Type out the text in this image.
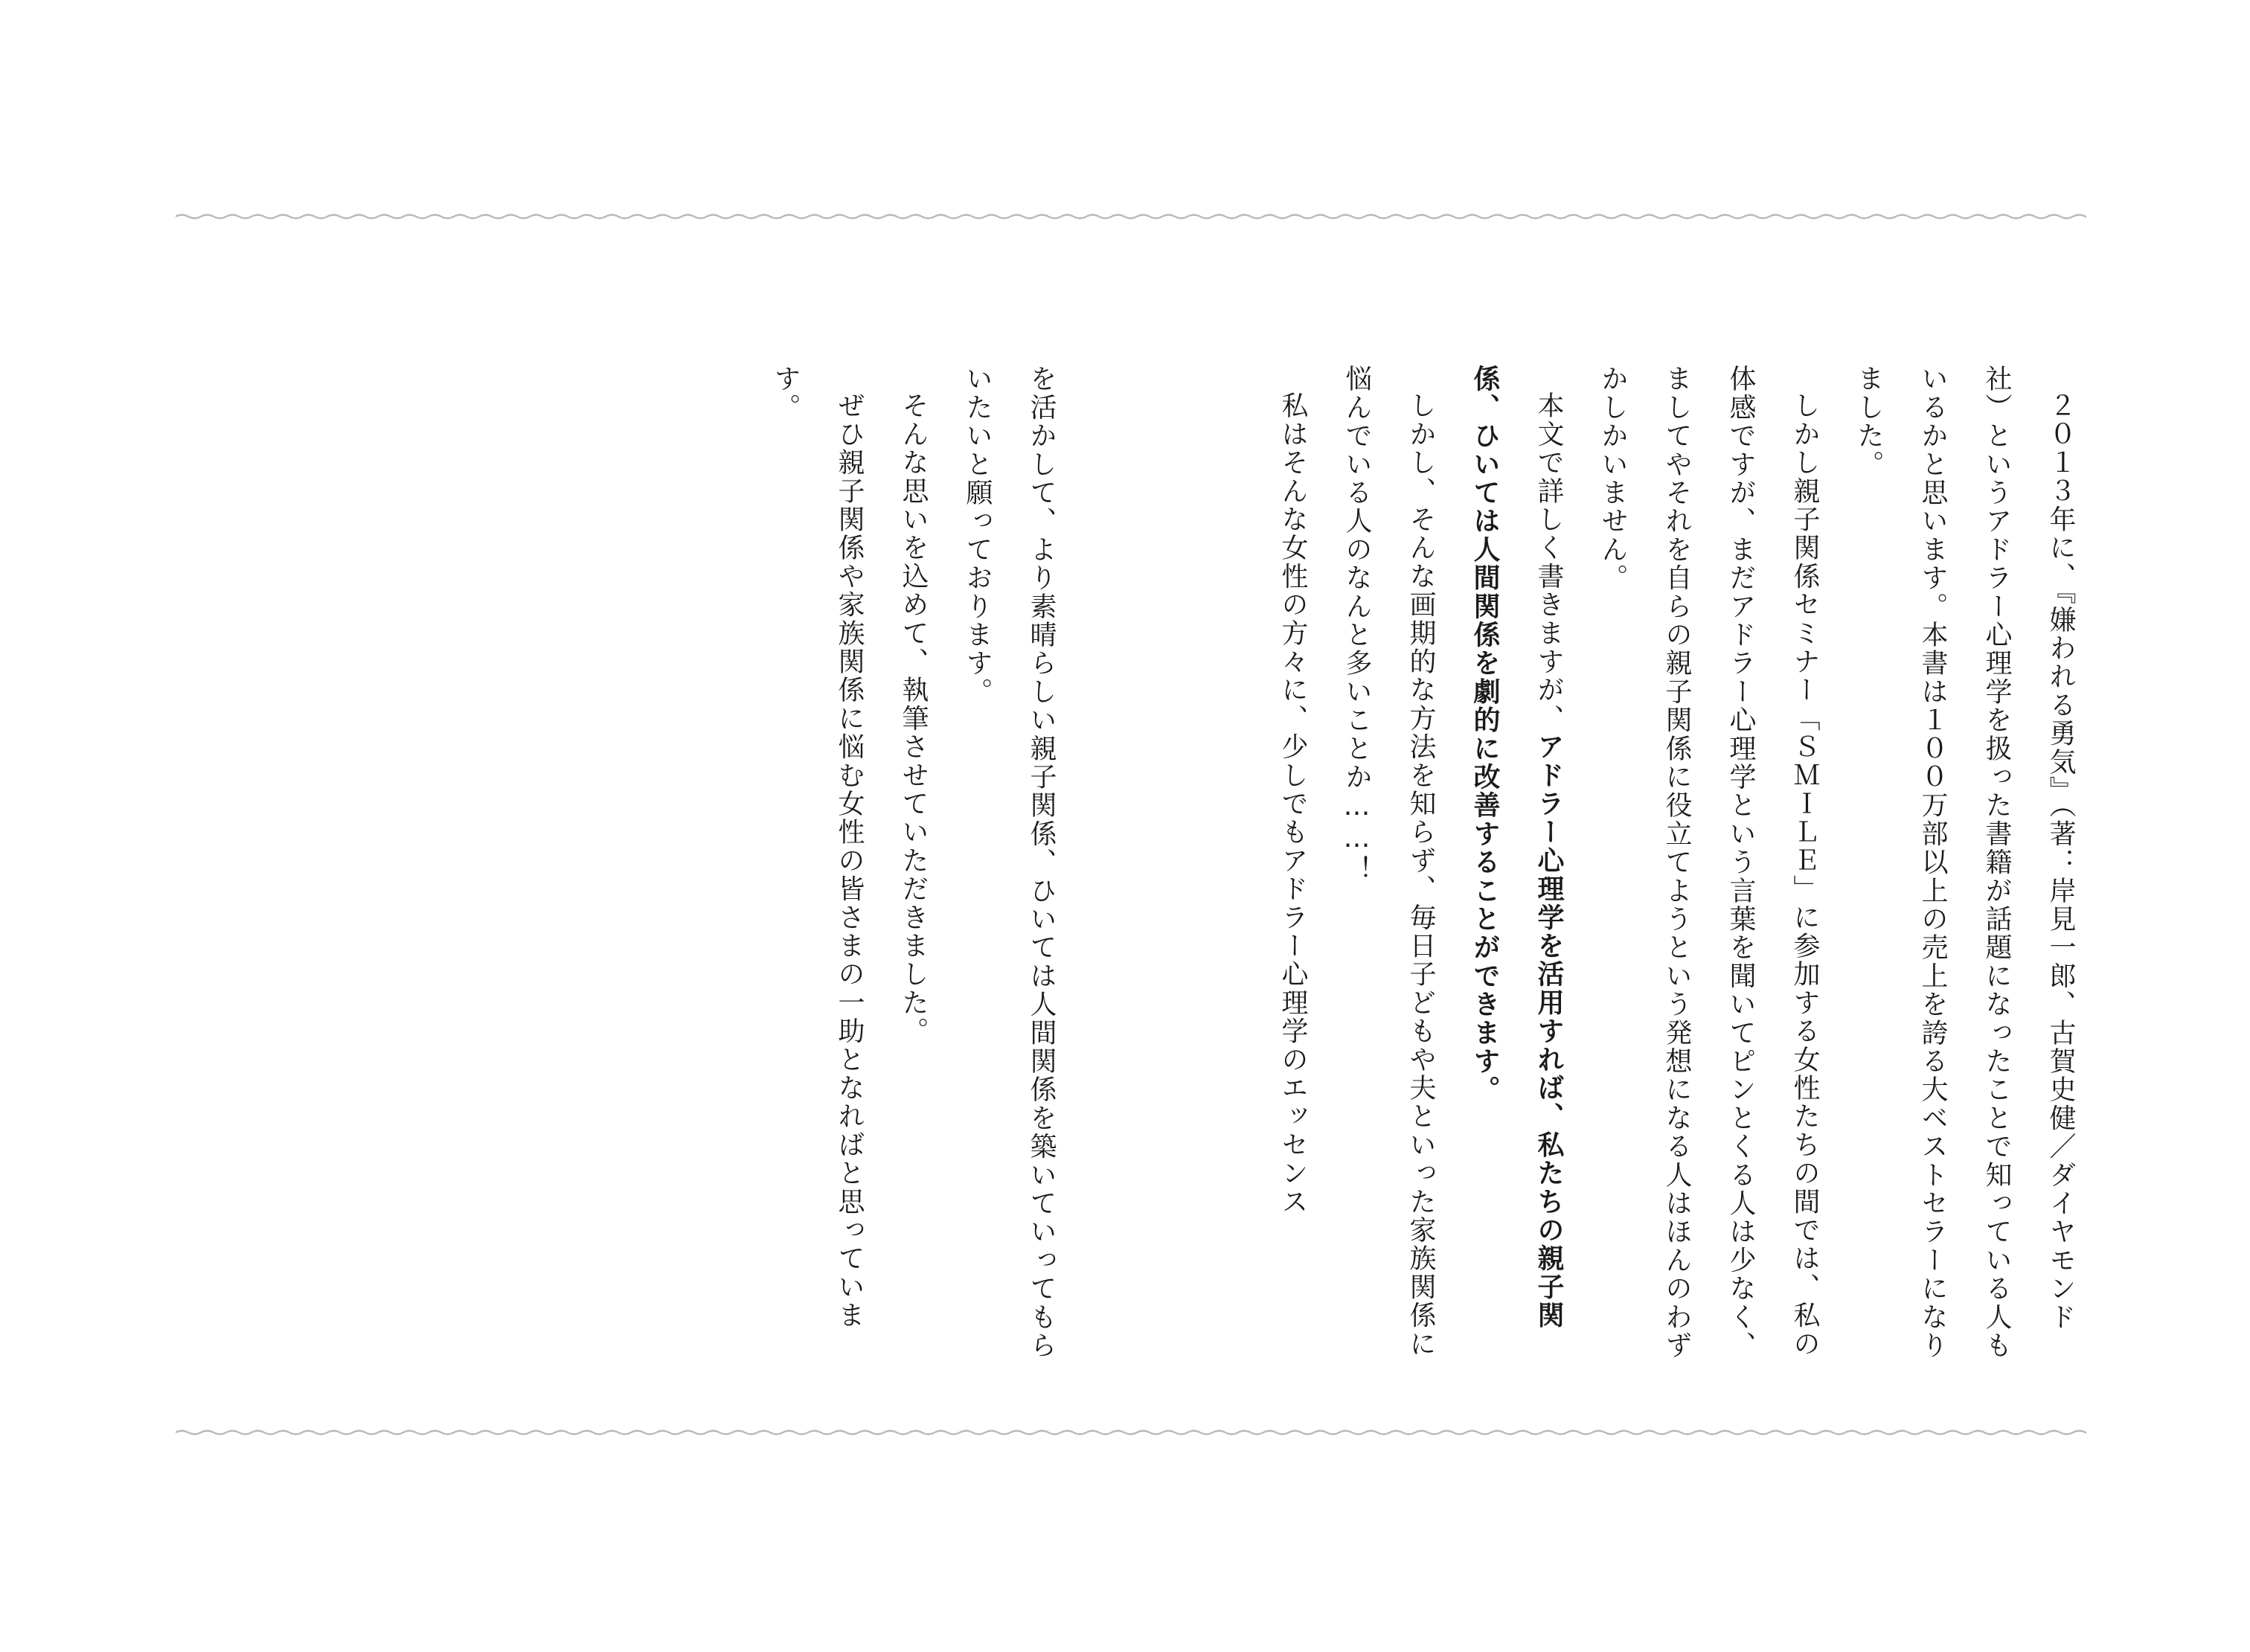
２０１３年に、『嫌われる勇気』（著：岸見一郎、古賀史健／ダイヤモンド社）というアドラー心理学を扱った書籍が話題になったことで知っている人もいるかと思います。本書は１００万部以上の売上を誇る大ベストセラーになりました。
しかし親子関係セミナー「ＳＭＩＬＥ」に参加する女性たちの間では、私の体感ですが、まだアドラー心理学という言葉を聞いてピンとくる人は少なく、ましてやそれを自らの親子関係に役立てようという発想になる人はほんのわずかしかいません。
本文で詳しく書きますが、アドラー心理学を活用すれば、私たちの親子関係、ひいては人間関係を劇的に改善することができます。
しかし、そんな画期的な方法を知らず、毎日子どもや夫といった家族関係に悩んでいる人のなんと多いことか……！
私はそんな女性の方々に、少しでもアドラー心理学のエッセンス
を活かして、より素晴らしい親子関係、ひいては人間関係を築いていってもらいたいと願っております。
そんな思いを込めて、執筆させていただきました。
ぜひ親子関係や家族関係に悩む女性の皆さまの一助となればと思っています。
